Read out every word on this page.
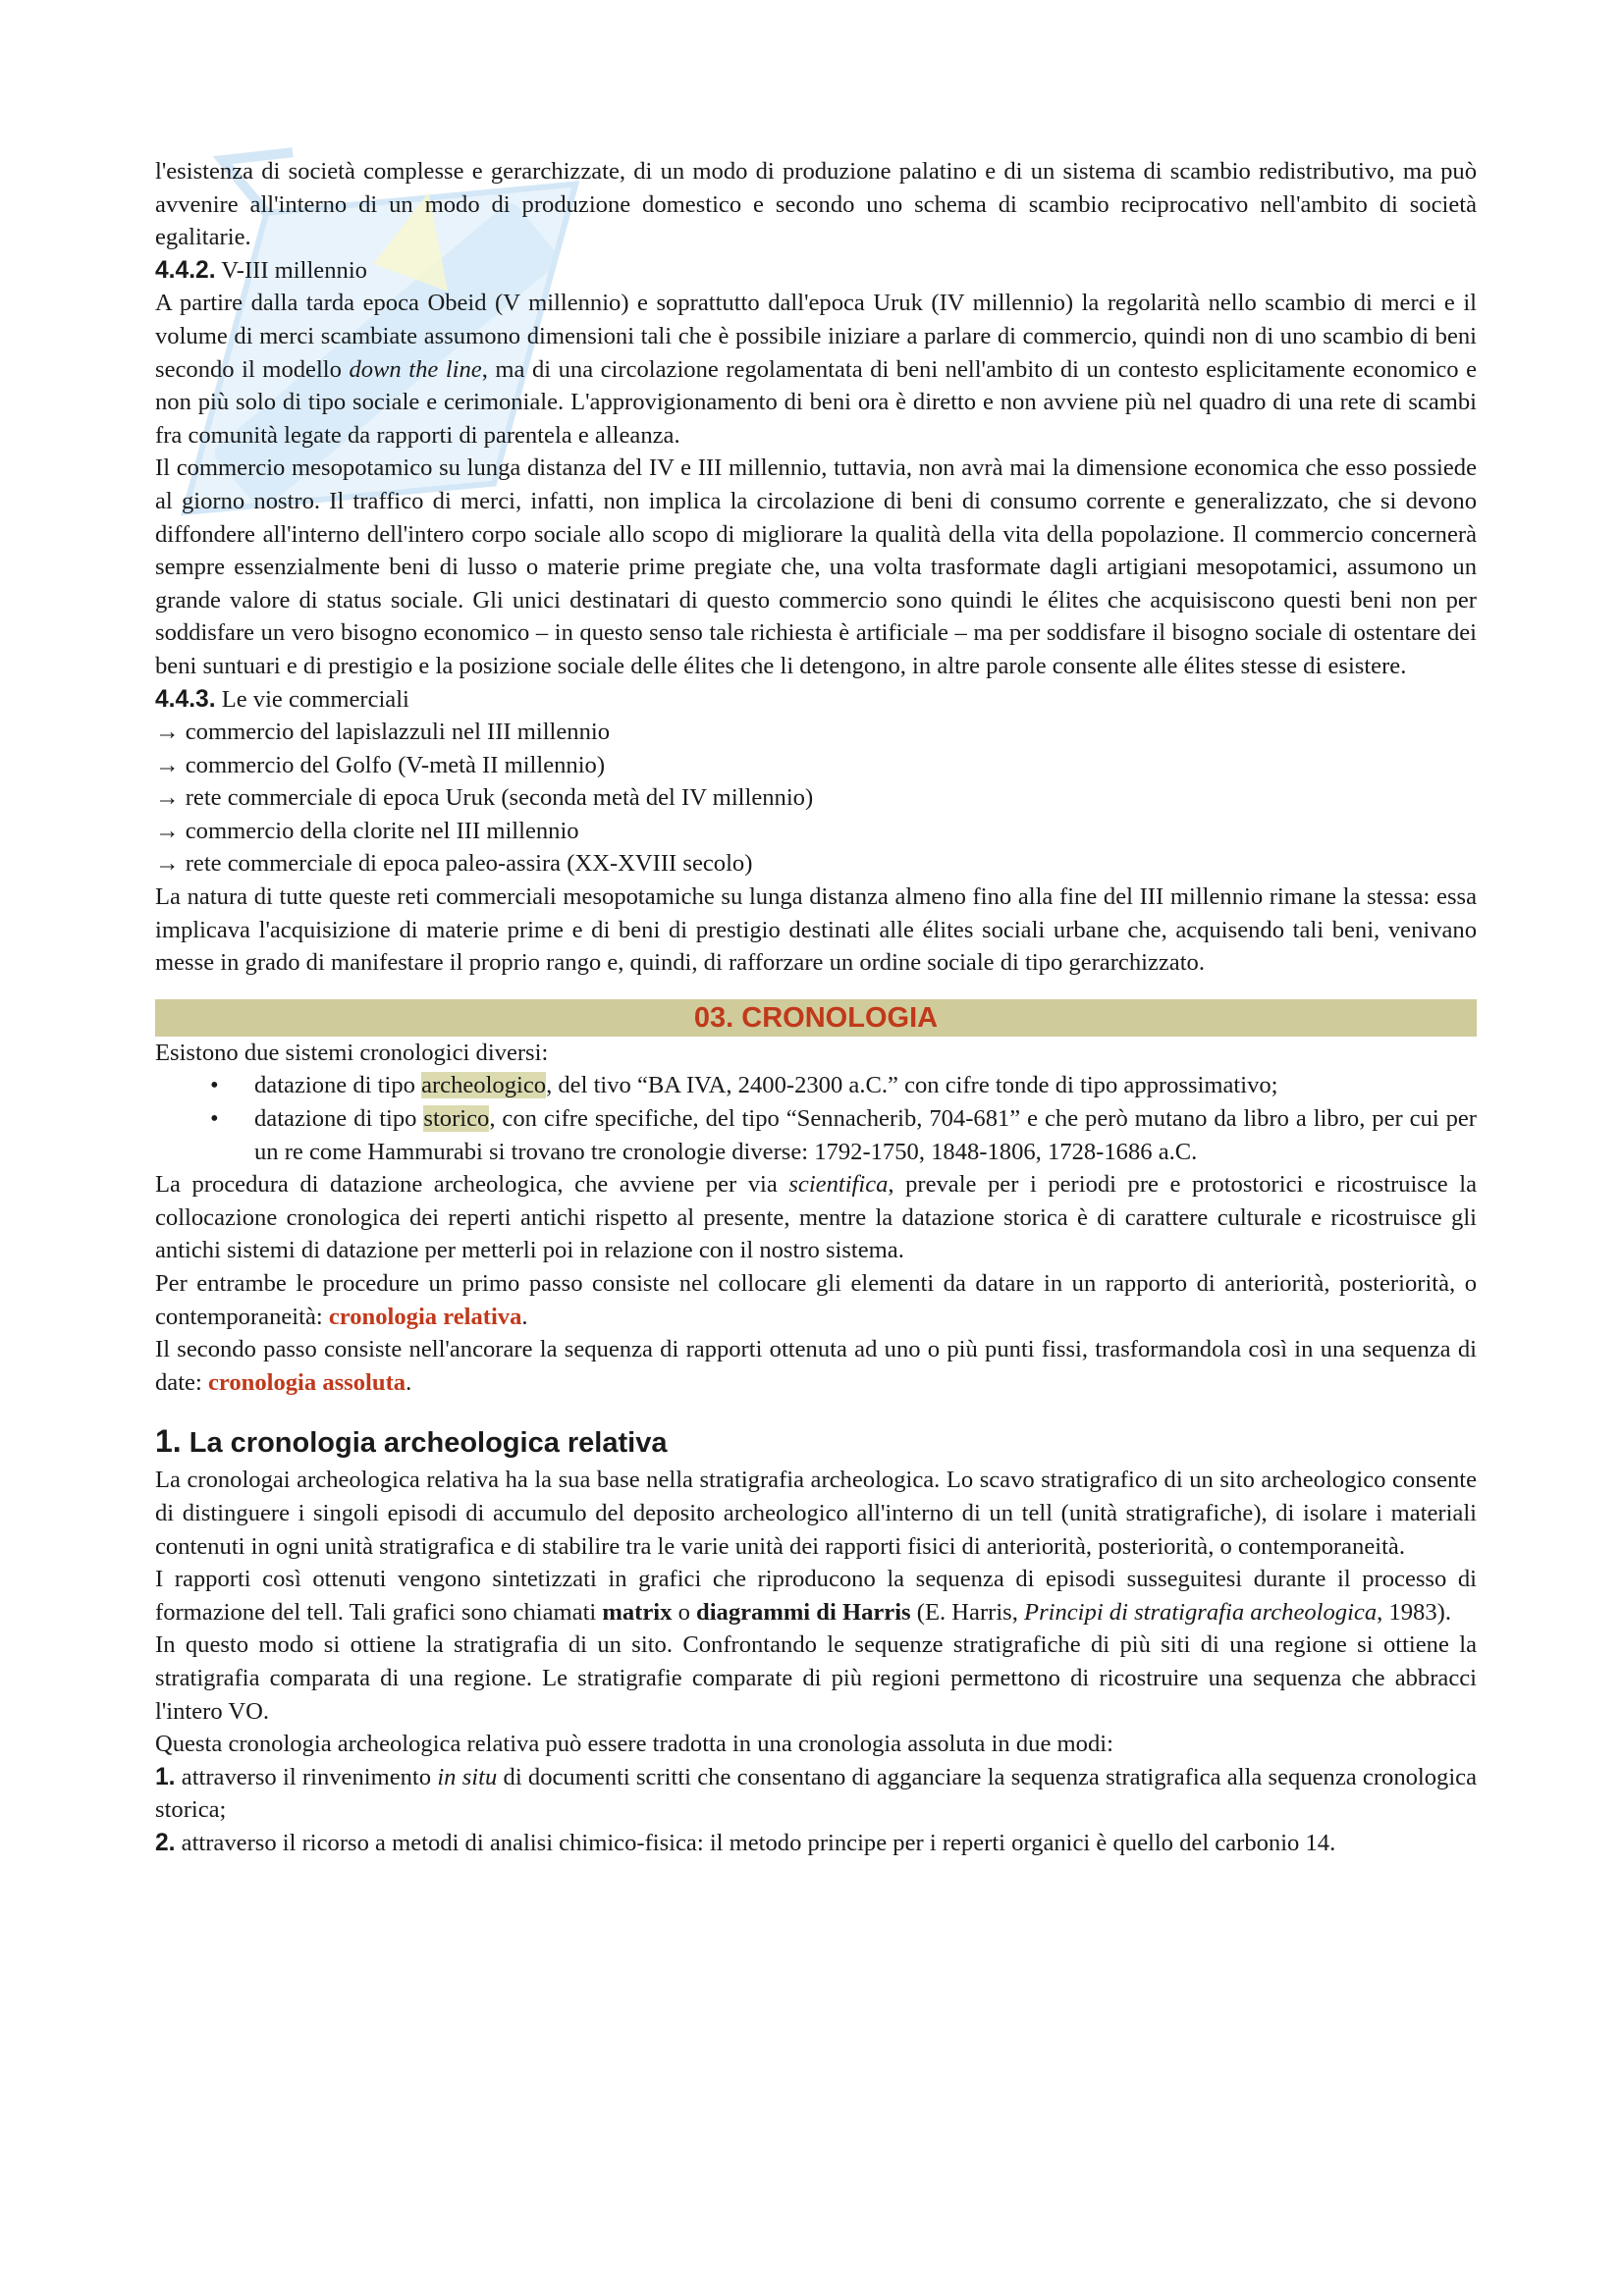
l'esistenza di società complesse e gerarchizzate, di un modo di produzione palatino e di un sistema di scambio redistributivo, ma può avvenire all'interno di un modo di produzione domestico e secondo uno schema di scambio reciprocativo nell'ambito di società egalitarie.

4.4.2. V-III millennio

A partire dalla tarda epoca Obeid (V millennio) e soprattutto dall'epoca Uruk (IV millennio) la regolarità nello scambio di merci e il volume di merci scambiate assumono dimensioni tali che è possibile iniziare a parlare di commercio, quindi non di uno scambio di beni secondo il modello down the line, ma di una circolazione regolamentata di beni nell'ambito di un contesto esplicitamente economico e non più solo di tipo sociale e cerimoniale. L'approvigionamento di beni ora è diretto e non avviene più nel quadro di una rete di scambi fra comunità legate da rapporti di parentela e alleanza.

Il commercio mesopotamico su lunga distanza del IV e III millennio, tuttavia, non avrà mai la dimensione economica che esso possiede al giorno nostro. Il traffico di merci, infatti, non implica la circolazione di beni di consumo corrente e generalizzato, che si devono diffondere all'interno dell'intero corpo sociale allo scopo di migliorare la qualità della vita della popolazione. Il commercio concernerà sempre essenzialmente beni di lusso o materie prime pregiate che, una volta trasformate dagli artigiani mesopotamici, assumono un grande valore di status sociale. Gli unici destinatari di questo commercio sono quindi le élites che acquisiscono questi beni non per soddisfare un vero bisogno economico – in questo senso tale richiesta è artificiale – ma per soddisfare il bisogno sociale di ostentare dei beni suntuari e di prestigio e la posizione sociale delle élites che li detengono, in altre parole consente alle élites stesse di esistere.

4.4.3. Le vie commerciali
→ commercio del lapislazzuli nel III millennio
→ commercio del Golfo (V-metà II millennio)
→ rete commerciale di epoca Uruk (seconda metà del IV millennio)
→ commercio della clorite nel III millennio
→ rete commerciale di epoca paleo-assira (XX-XVIII secolo)

La natura di tutte queste reti commerciali mesopotamiche su lunga distanza almeno fino alla fine del III millennio rimane la stessa: essa implicava l'acquisizione di materie prime e di beni di prestigio destinati alle élites sociali urbane che, acquisendo tali beni, venivano messe in grado di manifestare il proprio rango e, quindi, di rafforzare un ordine sociale di tipo gerarchizzato.

03. CRONOLOGIA

Esistono due sistemi cronologici diversi:

• datazione di tipo archeologico, del tivo “BA IVA, 2400-2300 a.C.” con cifre tonde di tipo approssimativo;
• datazione di tipo storico, con cifre specifiche, del tipo “Sennacherib, 704-681” e che però mutano da libro a libro, per cui per un re come Hammurabi si trovano tre cronologie diverse: 1792-1750, 1848-1806, 1728-1686 a.C.

La procedura di datazione archeologica, che avviene per via scientifica, prevale per i periodi pre e protostorici e ricostruisce la collocazione cronologica dei reperti antichi rispetto al presente, mentre la datazione storica è di carattere culturale e ricostruisce gli antichi sistemi di datazione per metterli poi in relazione con il nostro sistema.

Per entrambe le procedure un primo passo consiste nel collocare gli elementi da datare in un rapporto di anteriorità, posteriorità, o contemporaneità: cronologia relativa.

Il secondo passo consiste nell'ancorare la sequenza di rapporti ottenuta ad uno o più punti fissi, trasformandola così in una sequenza di date: cronologia assoluta.

1. La cronologia archeologica relativa

La cronologai archeologica relativa ha la sua base nella stratigrafia archeologica. Lo scavo stratigrafico di un sito archeologico consente di distinguere i singoli episodi di accumulo del deposito archeologico all'interno di un tell (unità stratigrafiche), di isolare i materiali contenuti in ogni unità stratigrafica e di stabilire tra le varie unità dei rapporti fisici di anteriorità, posteriorità, o contemporaneità.

I rapporti così ottenuti vengono sintetizzati in grafici che riproducono la sequenza di episodi susseguitesi durante il processo di formazione del tell. Tali grafici sono chiamati matrix o diagrammi di Harris (E. Harris, Principi di stratigrafia archeologica, 1983).

In questo modo si ottiene la stratigrafia di un sito. Confrontando le sequenze stratigrafiche di più siti di una regione si ottiene la stratigrafia comparata di una regione. Le stratigrafie comparate di più regioni permettono di ricostruire una sequenza che abbracci l'intero VO.

Questa cronologia archeologica relativa può essere tradotta in una cronologia assoluta in due modi:

1. attraverso il rinvenimento in situ di documenti scritti che consentano di agganciare la sequenza stratigrafica alla sequenza cronologica storica;

2. attraverso il ricorso a metodi di analisi chimico-fisica: il metodo principe per i reperti organici è quello del carbonio 14.
